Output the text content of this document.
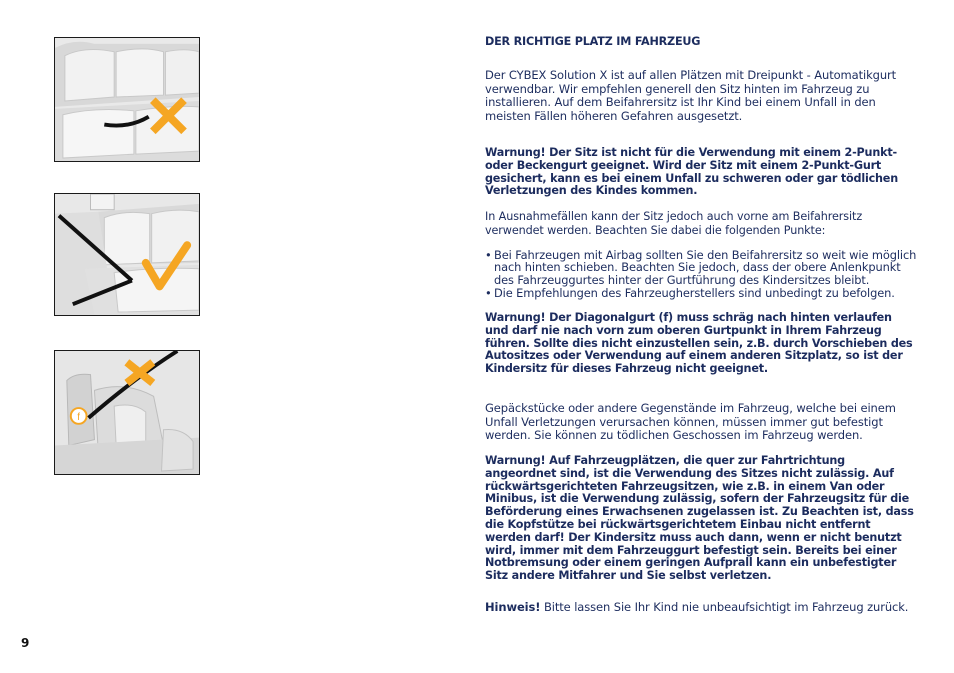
f
DER RICHTIGE PLATZ IM FAHRZEUG

Der CYBEX Solution X ist auf allen Plätzen mit Dreipunkt - Automatikgurt verwendbar. Wir empfehlen generell den Sitz hinten im Fahrzeug zu installieren. Auf dem Beifahrersitz ist Ihr Kind bei einem Unfall in den meisten Fällen höheren Gefahren ausgesetzt.

Warnung! Der Sitz ist nicht für die Verwendung mit einem 2-Punkt- oder Beckengurt geeignet. Wird der Sitz mit einem 2-Punkt-Gurt gesichert, kann es bei einem Unfall zu schweren oder gar tödlichen Verletzungen des Kindes kommen.

In Ausnahmefällen kann der Sitz jedoch auch vorne am Beifahrersitz verwendet werden. Beachten Sie dabei die folgenden Punkte:

• Bei Fahrzeugen mit Airbag sollten Sie den Beifahrersitz so weit wie möglich nach hinten schieben. Beachten Sie jedoch, dass der obere Anlenkpunkt des Fahrzeuggurtes hinter der Gurtführung des Kindersitzes bleibt.
• Die Empfehlungen des Fahrzeugherstellers sind unbedingt zu befolgen.

Warnung! Der Diagonalgurt (f) muss schräg nach hinten verlaufen und darf nie nach vorn zum oberen Gurtpunkt in Ihrem Fahrzeug führen. Sollte dies nicht einzustellen sein, z.B. durch Vorschieben des Autositzes oder Verwendung auf einem anderen Sitzplatz, so ist der Kindersitz für dieses Fahrzeug nicht geeignet.

Gepäckstücke oder andere Gegenstände im Fahrzeug, welche bei einem Unfall Verletzungen verursachen können, müssen immer gut befestigt werden. Sie können zu tödlichen Geschossen im Fahrzeug werden.

Warnung! Auf Fahrzeugplätzen, die quer zur Fahrtrichtung angeordnet sind, ist die Verwendung des Sitzes nicht zulässig. Auf rückwärtsgerichteten Fahrzeugsitzen, wie z.B. in einem Van oder Minibus, ist die Verwendung zulässig, sofern der Fahrzeugsitz für die Beförderung eines Erwachsenen zugelassen ist. Zu Beachten ist, dass die Kopfstütze bei rückwärtsgerichtetem Einbau nicht entfernt werden darf! Der Kindersitz muss auch dann, wenn er nicht benutzt wird, immer mit dem Fahrzeuggurt befestigt sein. Bereits bei einer Notbremsung oder einem geringen Aufprall kann ein unbefestigter Sitz andere Mitfahrer und Sie selbst verletzen.

Hinweis! Bitte lassen Sie Ihr Kind nie unbeaufsichtigt im Fahrzeug zurück.

9
